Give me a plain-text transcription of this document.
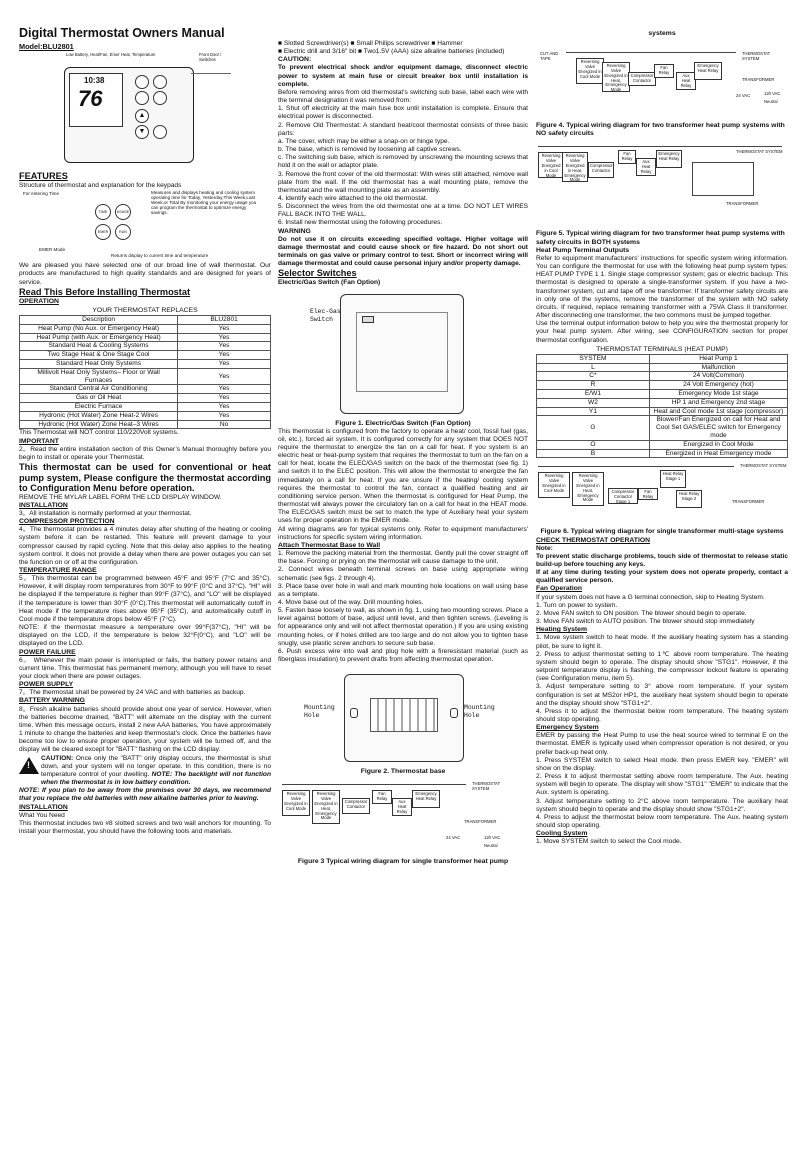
Digital Thermostat Owners Manual
Model:BLU2801
Low Battery, Heat/Fan, Emer Heat, Temperature	Front Door / Switches
10:38
76
▲
▼
FEATURES

Structure of thermostat and explanation for the keypads

For entering Time	Measures and displays heating and cooling system operating time for Today, Yesterday,This Week,Last Week,or Total By monitoring your energy usage you can program the thermostat to optimize energy savings.
TIME	USAGE
EMER	RUN
EMER Mode
Returns display to current time and temperature

We are pleased you have selected one of our broad line of wall thermostat. Our products are manufactured to high quality standards and are designed for years of service.

Read This Before Installing Thermostat
OPERATION
YOUR THERMOSTAT REPLACES
Description	BLU2801
Heat Pump (No Aux. or Emergency Heat)	Yes
Heat Pump (with Aux. or Emergency Heat)	Yes
Standard Heat & Cooling Systems	Yes
Two Stage Heat & One Stage Cool	Yes
Standard Heat Only Systems	Yes
Millivolt Heat Only Systems– Floor or Wall Furnaces	Yes
Standard Central Air Conditioning	Yes
Gas or Oil Heat	Yes
Electric Furnace	Yes
Hydronic (Hot Water) Zone Heat-2 Wires	Yes
Hydronic (Hot Water) Zone Heat–3 Wires	No

This Thermostat will NOT control 110/220Volt systems.

IMPORTANT

2。Read the entire installation section of this Owner’s Manual thoroughly before you begin to install or operate your Thermostat.

This thermostat can be used for conventional or heat pump system, Please configure the thermostat according to Configuration Menu before operation.

REMOVE THE MYLAR LABEL FORM THE LCD DISPLAY WINDOW.

INSTALLATION

3。All installation is normally performed at your thermostat.

COMPRESSOR PROTECTION

4。The thermostat provides a 4 minutes delay after shutting of the heating or cooling system before it can be restarted. This feature will prevent damage to your compressor caused by rapid cycling. Note that this delay also applies to the heating system control. It does not provide a delay when there are power outages you can set the function on or off at the configuration.

TEMPERATURE RANGE

5。This thermostat can be programmed between 45°F and 95°F (7°C and 35°C). However, it will display room temperatures from 30°F to 99°F (0°C and 37°C). "HI" will be displayed if the temperature is higher than 99°F (37°C), and "LO" will be displayed if the temperature is lower than 30°F (0°C).This thermostat will automatically cutoff in Heat mode if the temperature rises above 95°F (35°C), and automatically cutoff in Cool mode if the temperature drops below 45°F (7°C).

NOTE: if the thermostat measure a temperature over 99°F(37°C), "HI" will be displayed on the LCD, if the temperature is below 32°F(0°C), and "LO" will be displayed on the LCD.

POWER FAILURE

6。 Whenever the main power is interrupted or fails, the battery power retains and current time. This thermostat has permanent memory, although you will have to reset your clock when there are power outages.

POWER SUPPLY

7。The thermostat shall be powered by 24 VAC and with batteries as backup.

BATTERY WARNING

8。Fresh alkaline batteries should provide about one year of service. However, when the batteries become drained, "BATT" will alternate on the display with the current time. When this message occurs, install 2 new AAA batteries, You have approximately 1 minute to change the batteries and keep thermostat’s clock. Once the batteries have become too low to ensure proper operation, your system will be turned off, and the display will be cleared except for "BATT" flashing on the LCD display.

!

CAUTION: Once only the "BATT" only display occurs, the thermostat is shut down, and your system will no longer operate. In this condition, there is no temperature control of your dwelling. NOTE: The backlight will not function when the thermostat is in low battery condition.

NOTE: If you plan to be away from the premises over 30 days, we recommend that you replace the old batteries with new alkaline batteries prior to leaving.

INSTALLATION

What You Need

This thermostat includes two #8 slotted screws and two wall anchors for mounting. To install your thermostat, you should have the following tools and materials.

■ Slotted Screwdriver(s) ■ Small Philips screwdriver ■ Hammer

■ Electric drill and 3/16" bit ■ Two1.5V (AAA) size alkaline batteries (included)

CAUTION:

To prevent electrical shock and/or equipment damage, disconnect electric power to system at main fuse or circuit breaker box until installation is complete.

Before removing wires from old thermostat's switching sub base, label each wire with the terminal designation it was removed from:

1. Shut off electricity at the main fuse box until installation is complete. Ensure that electrical power is disconnected.

2. Remove Old Thermostat: A standard heat/cool thermostat consists of three basic parts:

a. The cover, which may be either a snap-on or hinge type.

b. The base, which is removed by loosening all captive screws.

c. The switching sub base, which is removed by unscrewing the mounting screws that hold it on the wall or adaptor plate.

3. Remove the front cover of the old thermostat: With wires still attached, remove wall plate from the wall. If the old thermostat has a wall mounting plate, remove the thermostat and the wall mounting plate as an assembly.

4. Identify each wire attached to the old thermostat.

5. Disconnect the wires from the old thermostat one at a time. DO NOT LET WIRES FALL BACK INTO THE WALL.

6. Install new thermostat using the following procedures.

WARNING

Do not use it on circuits exceeding specified voltage. Higher voltage will damage thermostat and could cause shock or fire hazard. Do not short out terminals on gas valve or primary control to test. Short or incorrect wiring will damage thermostat and could cause personal injury and/or property damage.

Selector Switches

Electric/Gas Switch (Fan Option)

Elec-Gas Switch
Figure 1. Electric/Gas Switch (Fan Option)

This thermostat is configured from the factory to operate a heat/ cool, fossil fuel (gas, oil, etc.), forced air system. It is configured correctly for any system that DOES NOT require the thermostat to energize the fan on a call for heat. If you system is an electric heat or heat-pump system that requires the thermostat to turn on the fan on a call for heat, locate the ELEC/GAS switch on the back of the thermostat (see fig. 1) and switch it to the ELEC position. This will allow the thermostat to energize the fan immediately on a call for heat. If you are unsure if the heating/ cooling system requires the thermostat to control the fan, contact a qualified heating and air conditioning service person. When the thermostat is configured for Heat Pump, the thermostat will always power the circulatory fan on a call for heat in the HEAT mode. The ELEC/GAS switch must be set to match the type of Auxiliary heat your system uses for proper operation in the EMER mode.

All wiring diagrams are for typical systems only. Refer to equipment manufacturers' instructions for specific system wiring information.

Attach Thermostat Base to Wall

1. Remove the packing material from the thermostat. Gently pull the cover straight off the base. Forcing or prying on the thermostat will cause damage to the unit.

2. Connect wires beneath terminal screws on base using appropriate wiring schematic (see figs. 2 through 4).

3. Place base over hole in wall and mark mounting hole locations on wall using base as a template.

4. Move base out of the way. Drill mounting holes.

5. Fasten base loosely to wall, as shown in fig. 1, using two mounting screws. Place a level against bottom of base, adjust until level, and then tighten screws. (Leveling is for appearance only and will not affect thermostat operation.) If you are using existing mounting holes, or if holes drilled are too large and do not allow you to tighten base snugly, use plastic screw anchors to secure sub base.

6. Push excess wire into wall and plug hole with a fireresistant material (such as fiberglass insulation) to prevent drafts from affecting thermostat operation.

Mounting Hole
Mounting Hole
Figure 2. Thermostat base
Reversing Valve Energized in Cool Mode
Reversing Valve Energized in Heat, Emergency Mode
Compressor Contactor
Fan Relay
Aux Heat Relay
Emergency Heat Relay
THERMOSTAT SYSTEM
TRANSFORMER
24 VAC	120 VAC
Neutral
Figure 3 Typical wiring diagram for single transformer heat pump
systems
CUT AND TAPE
Reversing Valve Energized in Cool Mode
Reversing Valve Energized in Heat, Emergency Mode
Compressor Contactor
Fan Relay
Aux Heat Relay
Emergency Heat Relay
THERMOSTAT SYSTEM
TRANSFORMER
24 VAC	120 VAC
Neutral
Figure 4. Typical wiring diagram for two transformer heat pump systems with NO safety circuits
Reversing Valve Energized in Cool Mode
Reversing Valve Energized in Heat, Emergency Mode
Compressor Contactor
Fan Relay
Aux Heat Relay
Emergency Heat Relay
THERMOSTAT SYSTEM
TRANSFORMER
Figure 5. Typical wiring diagram for two transformer heat pump systems with safety circuits in BOTH systems
Heat Pump Terminal Outputs

Refer to equipment manufacturers' instructions for specific system wiring information. You can configure the thermostat for use with the following heat pump system types: HEAT PUMP TYPE 1 1. Single stage compressor system; gas or electric backup. This thermostat is designed to operate a single-transformer system. If you have a two-transformer system, cut and tape off one transformer. If transformer safety circuits are in only one of the systems, remove the transformer of the system with NO safety circuits. If required, replace remaining transformer with a 75VA Class II transformer. After disconnecting one transformer, the two commons must be jumped together.

Use the terminal output information below to help you wire the thermostat properly for your heat pump system. After wiring, see CONFIGURATION section for proper thermostat configuration.

THERMOSTAT TERMINALS (HEAT PUMP)
SYSTEM	Heat Pump 1
L	Malfunction
C*	24 Volt(Common)
R	24 Volt Emergency (hot)
E/W1	Emergency Mode 1st stage
W2	HP 1 and Emergency 2nd stage
Y1	Heat and Cool mode 1st stage (compressor)
G	Blower/Fan Energized on call for Heat and Cool Set GAS/ELEC switch for Emergency mode
O	Energized in Cool Mode
B	Energized in Heat Emergency mode
Reversing Valve Energized in Cool Mode
Reversing Valve Energized in Heat, Emergency Mode
Compressor Contactor Stage 1
Fan Relay
Heat Relay Stage 1
Heat Relay Stage 2
THERMOSTAT SYSTEM
TRANSFORMER
Figure 6. Typical wiring diagram for single transformer multi-stage systems
CHECK THERMOSTAT OPERATION

Note:

To prevent static discharge problems, touch side of thermostat to release static build-up before touching any keys.

If at any time during testing your system does not operate properly, contact a qualified service person.

Fan Operation

If your system does not have a G terminal connection, skip to Heating System.

1. Turn on power to system.

2. Move FAN switch to ON position. The blower should begin to operate.

3. Move FAN switch to AUTO position. The blower should stop immediately

Heating System

1. Move system switch to heat mode. If the auxiliary heating system has a standing pilot, be sure to light it.

2. Press to adjust thermostat setting to 1℃ above room temperature. The heating system should begin to operate. The display should show "STG1". However, if the setpoint temperature display is flashing, the compressor lockout feature is operating (see Configuration menu, item 5).

3. Adjust temperature setting to 3° above room temperature. If your system configuration is set at MS2or HP1, the auxiliary heat system should begin to operate and the display should show "STG1+2".

4. Press it to adjust the thermostat below room temperature. The heating system should stop operating.

Emergency System

EMER by passing the Heat Pump to use the heat source wired to terminal E on the thermostat. EMER is typically used when compressor operation is not desired, or you prefer back-up heat only.

1. Press SYSTEM switch to select Heat mode. then press EMER key. "EMER" will show on the display.

2. Press it to adjust thermostat setting above room temperature. The Aux. heating system will begin to operate. The display will show "STG1" "EMER" to indicate that the Aux. system is operating.

3. Adjust temperature setting to 2°C above room temperature. The auxiliary heat system should begin to operate and the display should show "STG1+2".

4. Press to adjust the thermostat below room temperature. The Aux. heating system should stop operating.

Cooling System

1. Move SYSTEM switch to select the Cool mode.
